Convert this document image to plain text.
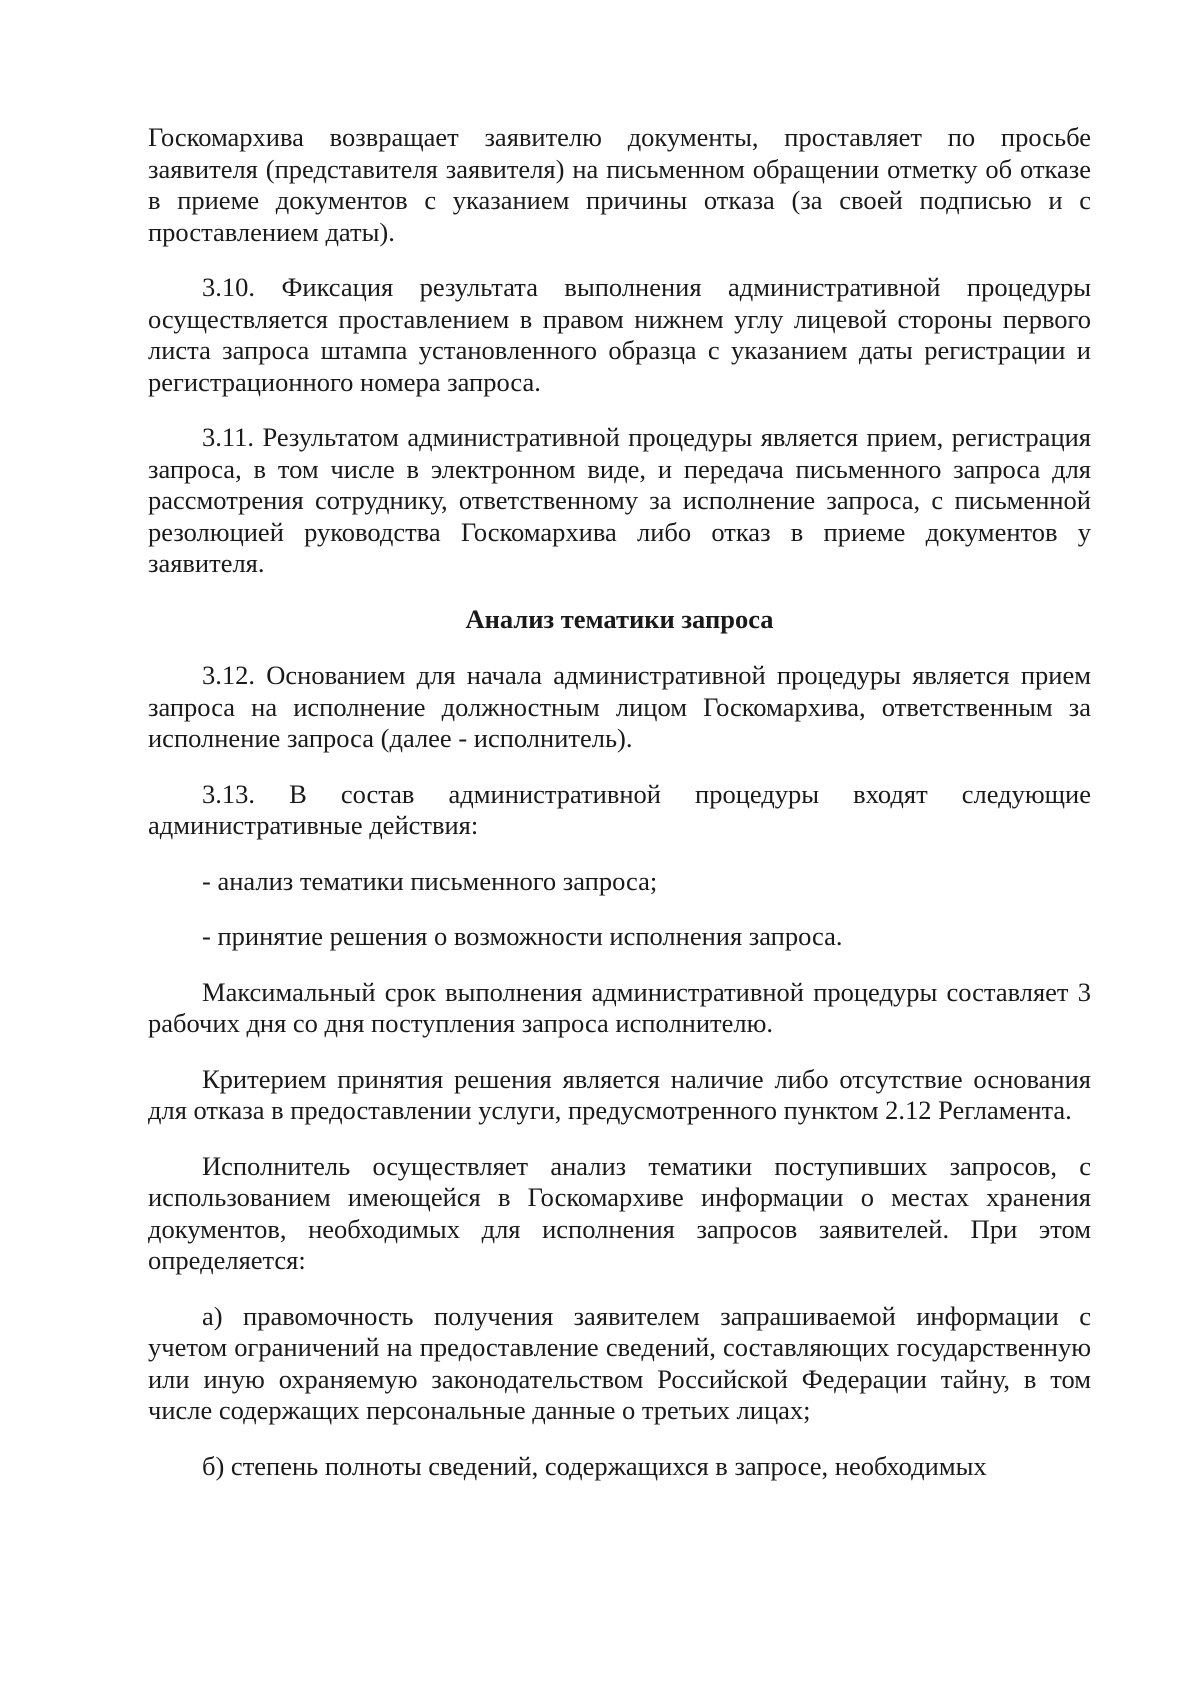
Госкомархива возвращает заявителю документы, проставляет по просьбе заявителя (представителя заявителя) на письменном обращении отметку об отказе в приеме документов с указанием причины отказа (за своей подписью и с проставлением даты).

3.10. Фиксация результата выполнения административной процедуры осуществляется проставлением в правом нижнем углу лицевой стороны первого листа запроса штампа установленного образца с указанием даты регистрации и регистрационного номера запроса.

3.11. Результатом административной процедуры является прием, регистрация запроса, в том числе в электронном виде, и передача письменного запроса для рассмотрения сотруднику, ответственному за исполнение запроса, с письменной резолюцией руководства Госкомархива либо отказ в приеме документов у заявителя.

Анализ тематики запроса

3.12. Основанием для начала административной процедуры является прием запроса на исполнение должностным лицом Госкомархива, ответственным за исполнение запроса (далее - исполнитель).

3.13. В состав административной процедуры входят следующие административные действия:

- анализ тематики письменного запроса;

- принятие решения о возможности исполнения запроса.

Максимальный срок выполнения административной процедуры составляет 3 рабочих дня со дня поступления запроса исполнителю.

Критерием принятия решения является наличие либо отсутствие основания для отказа в предоставлении услуги, предусмотренного пунктом 2.12 Регламента.

Исполнитель осуществляет анализ тематики поступивших запросов, с использованием имеющейся в Госкомархиве информации о местах хранения документов, необходимых для исполнения запросов заявителей. При этом определяется:

а) правомочность получения заявителем запрашиваемой информации с учетом ограничений на предоставление сведений, составляющих государственную или иную охраняемую законодательством Российской Федерации тайну, в том числе содержащих персональные данные о третьих лицах;

б) степень полноты сведений, содержащихся в запросе, необходимых
